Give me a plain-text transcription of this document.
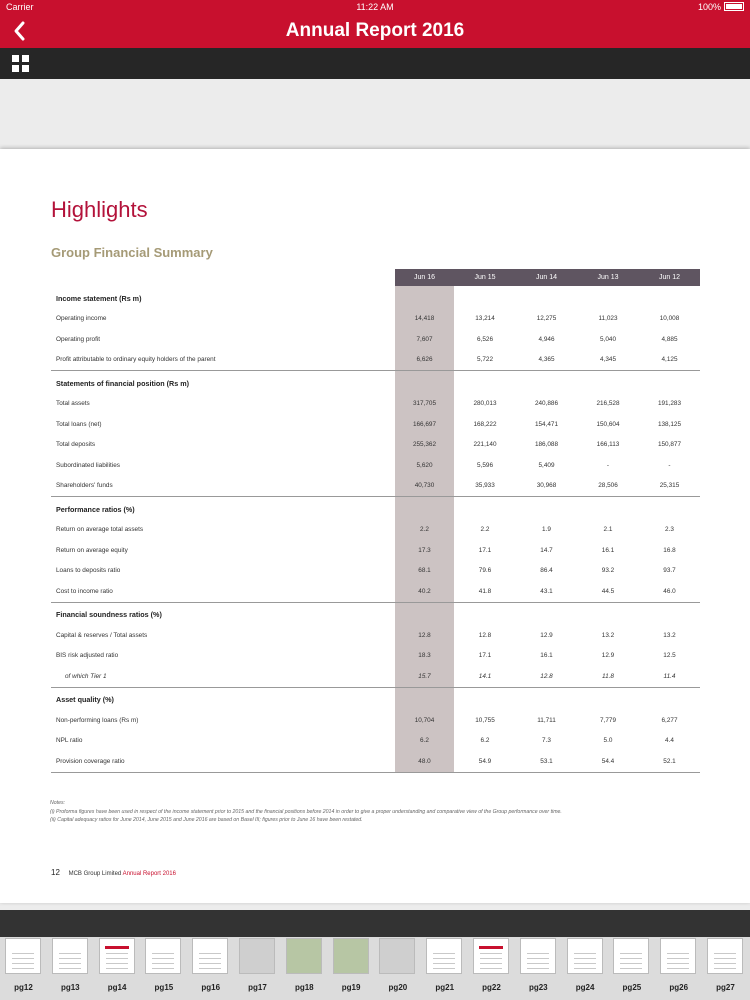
Carrier	11:22 AM	100%
Annual Report 2016
Highlights
Group Financial Summary
	Jun 16	Jun 15	Jun 14	Jun 13	Jun 12
Income statement (Rs m)					
Operating income	14,418	13,214	12,275	11,023	10,008
Operating profit	7,607	6,526	4,946	5,040	4,885
Profit attributable to ordinary equity holders of the parent	6,626	5,722	4,365	4,345	4,125
Statements of financial position (Rs m)					
Total assets	317,705	280,013	240,886	216,528	191,283
Total loans (net)	166,697	168,222	154,471	150,604	138,125
Total deposits	255,362	221,140	186,088	166,113	150,877
Subordinated liabilities	5,620	5,596	5,409	-	-
Shareholders' funds	40,730	35,933	30,968	28,506	25,315
Performance ratios (%)					
Return on average total assets	2.2	2.2	1.9	2.1	2.3
Return on average equity	17.3	17.1	14.7	16.1	16.8
Loans to deposits ratio	68.1	79.6	86.4	93.2	93.7
Cost to income ratio	40.2	41.8	43.1	44.5	46.0
Financial soundness ratios (%)					
Capital & reserves / Total assets	12.8	12.8	12.9	13.2	13.2
BIS risk adjusted ratio	18.3	17.1	16.1	12.9	12.5
of which Tier 1	15.7	14.1	12.8	11.8	11.4
Asset quality (%)					
Non-performing loans (Rs m)	10,704	10,755	11,711	7,779	6,277
NPL ratio	6.2	6.2	7.3	5.0	4.4
Provision coverage ratio	48.0	54.9	53.1	54.4	52.1
Notes:
(i) Proforma figures have been used in respect of the income statement prior to 2015 and the financial positions before 2014 in order to give a proper understanding and comparative view of the Group performance over time.
(ii) Capital adequacy ratios for June 2014, June 2015 and June 2016 are based on Basel III; figures prior to June 16 have been restated.
12 MCB Group Limited Annual Report 2016
pg12	pg13	pg14	pg15	pg16	pg17	pg18	pg19	pg20	pg21	pg22	pg23	pg24	pg25	pg26	pg27
